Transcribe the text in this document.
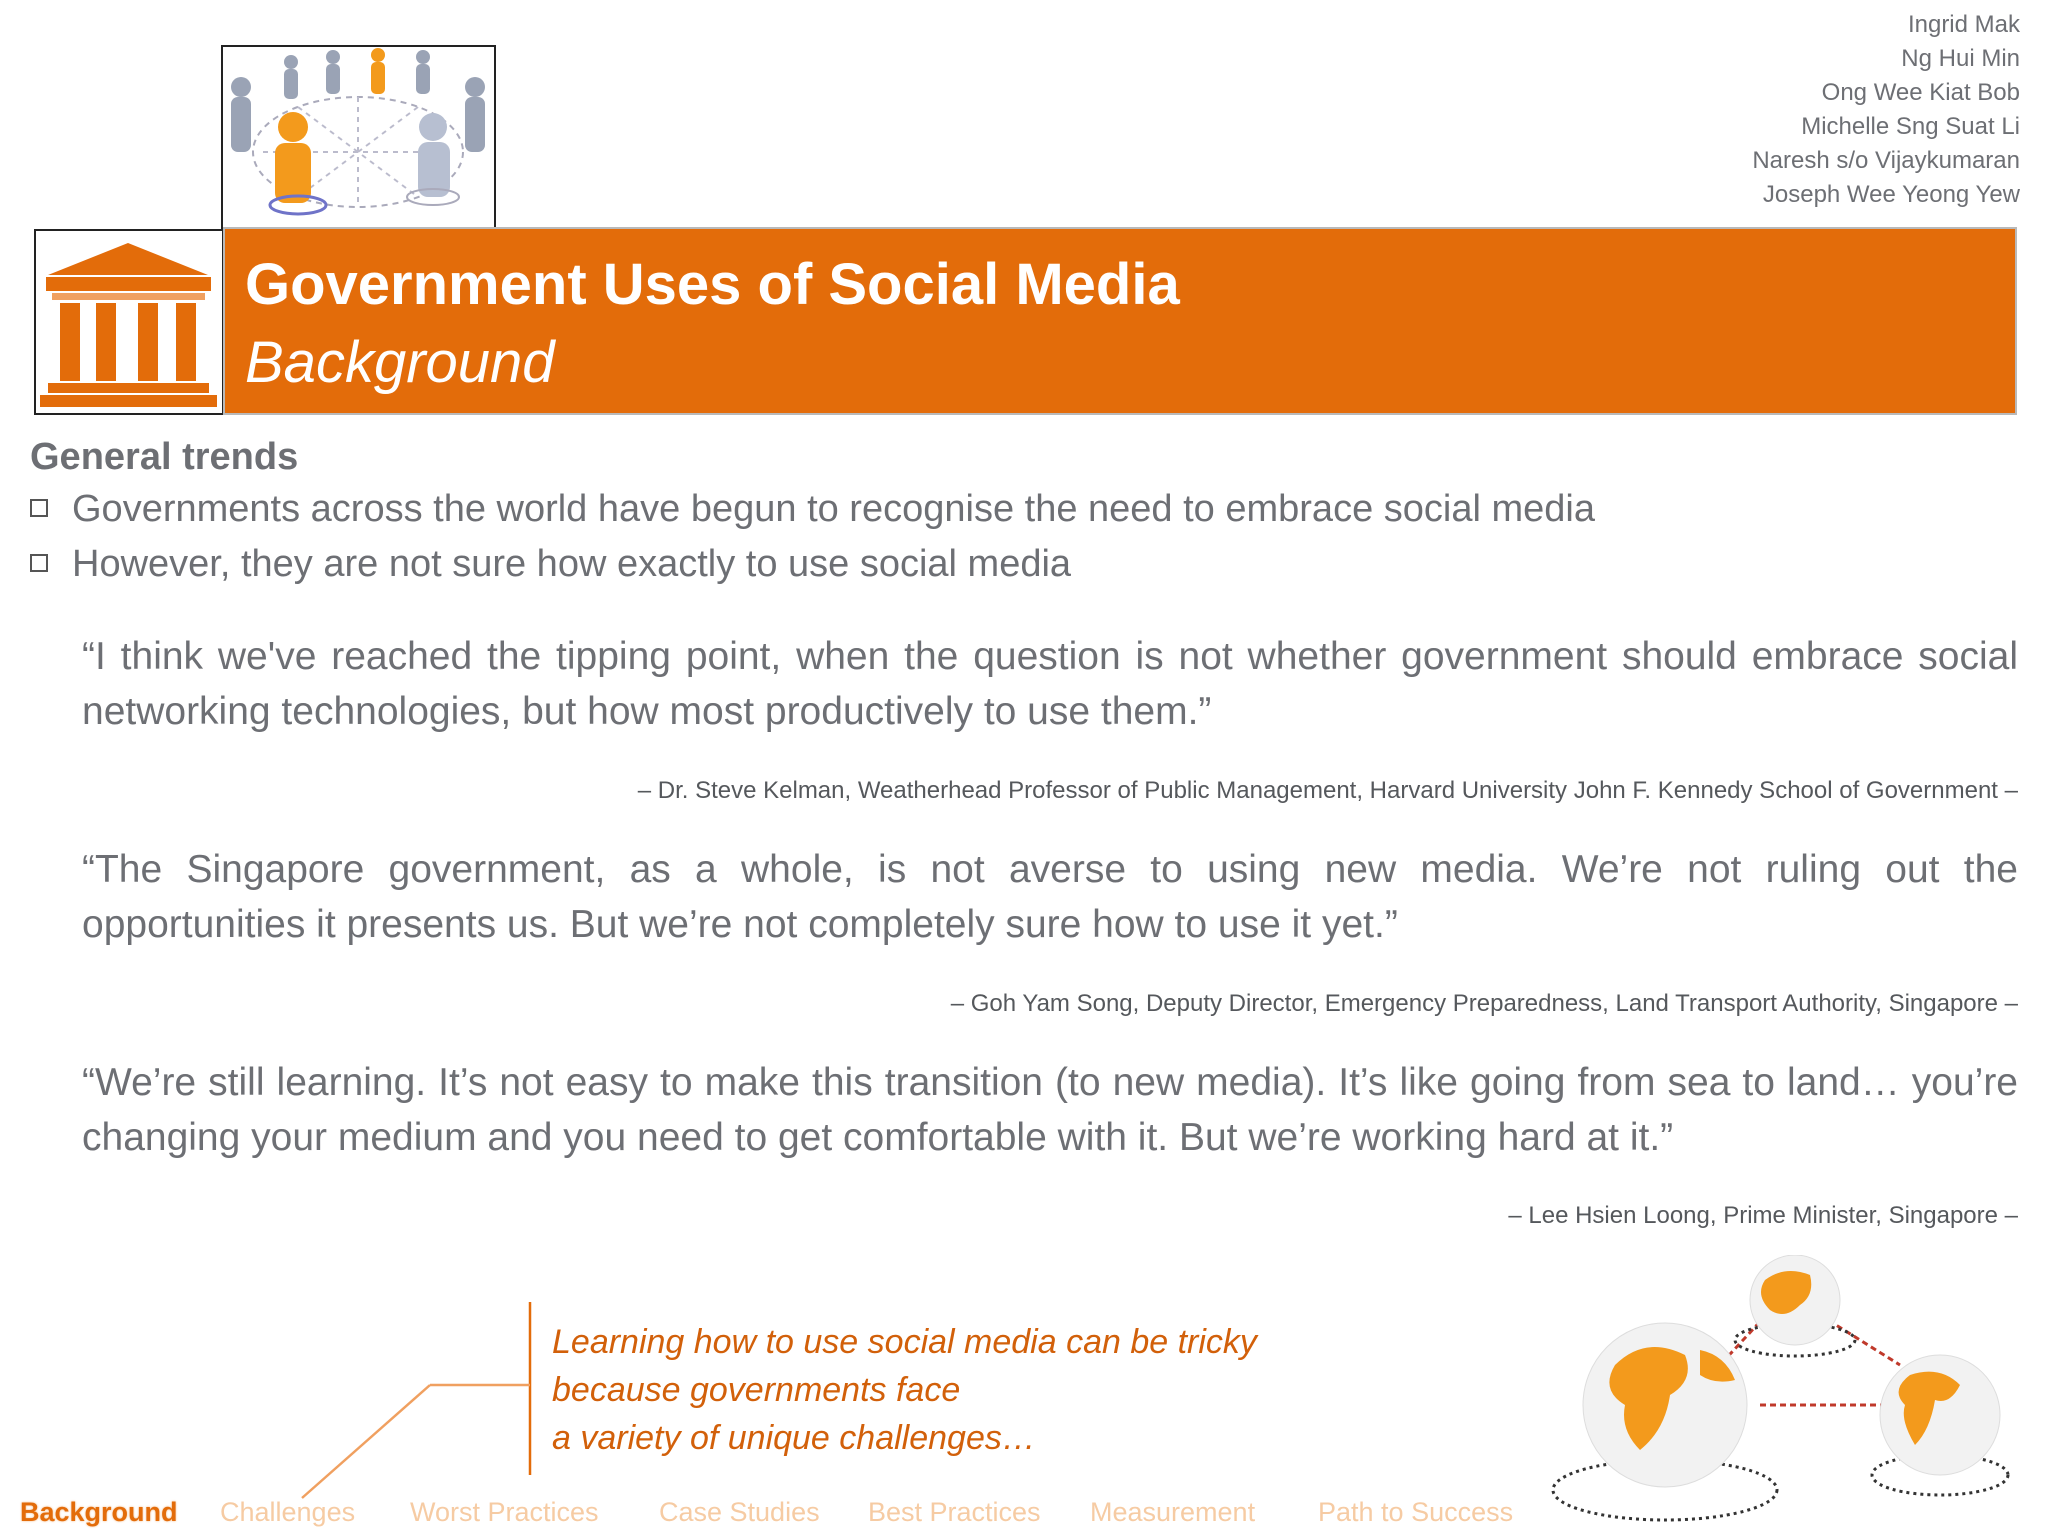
Ingrid Mak
Ng Hui Min
Ong Wee Kiat Bob
Michelle Sng Suat Li
Naresh s/o Vijaykumaran
Joseph Wee Yeong Yew
Government Uses of Social Media
Background
General trends
Governments across the world have begun to recognise the need to embrace social media
However, they are not sure how exactly to use social media
“I think we've reached the tipping point, when the question is not whether government should embrace social networking technologies, but how most productively to use them.”
– Dr. Steve Kelman, Weatherhead Professor of Public Management, Harvard University John F. Kennedy School of Government –
“The Singapore government, as a whole, is not averse to using new media. We’re not ruling out the opportunities it presents us. But we’re not completely sure how to use it yet.”
– Goh Yam Song, Deputy Director, Emergency Preparedness, Land Transport Authority, Singapore –
“We’re still learning. It’s not easy to make this transition (to new media). It’s like going from sea to land… you’re changing your medium and you need to get comfortable with it. But we’re working hard at it.”
– Lee Hsien Loong, Prime Minister, Singapore –
Learning how to use social media can be tricky
because governments face
a variety of unique challenges…
Background Challenges Worst Practices Case Studies Best Practices Measurement Path to Success
